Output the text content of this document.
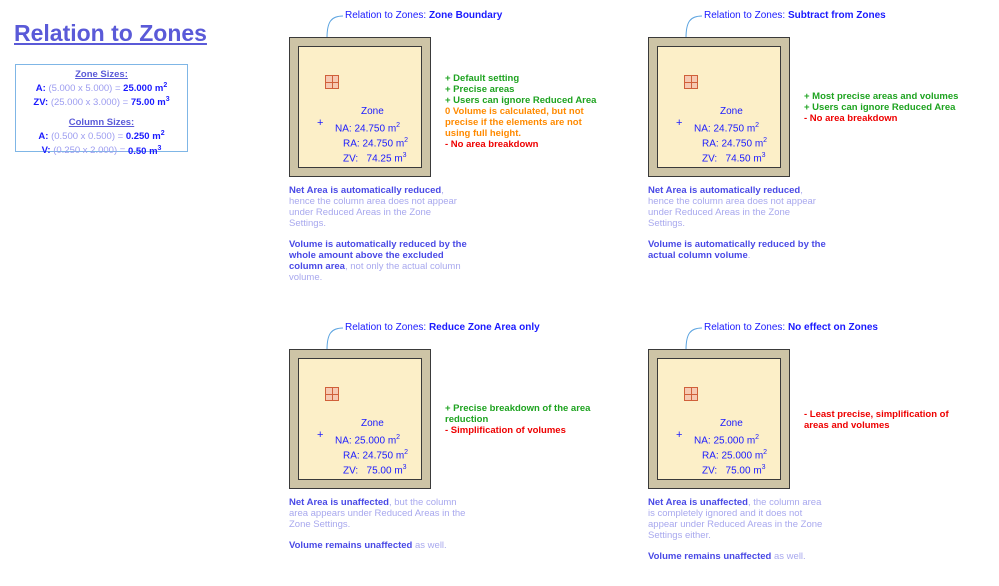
Relation to Zones
Zone Sizes:
A: (5.000 x 5.000) = 25.000 $m^2$
ZV: (25.000 x 3.000) = 75.00 $m^3$
Column Sizes:
A: (0.500 x 0.500) = 0.250 $m^2$
V: (0.250 x 2.000) = 0.50 $m^3$
Relation to Zones: Zone Boundary
+
Zone
NA: 24.750 $m^2$
RA: 24.750 $m^2$
ZV:   74.25 $m^3$
+ Default setting
+ Precise areas
+ Users can ignore Reduced Area
0 Volume is calculated, but not
precise if the elements are not
using full height.
- No area breakdown

Net Area is automatically reduced, hence the column area does not appear under Reduced Areas in the Zone Settings.

Volume is automatically reduced by the whole amount above the excluded column area, not only the actual column volume.

Relation to Zones: Subtract from Zones
+
Zone
NA: 24.750 $m^2$
RA: 24.750 $m^2$
ZV:   74.50 $m^3$
+ Most precise areas and volumes
+ Users can ignore Reduced Area
- No area breakdown

Net Area is automatically reduced, hence the column area does not appear under Reduced Areas in the Zone Settings.

Volume is automatically reduced by the actual column volume.

Relation to Zones: Reduce Zone Area only
+
Zone
NA: 25.000 $m^2$
RA: 24.750 $m^2$
ZV:   75.00 $m^3$
+ Precise breakdown of the area
reduction
- Simplification of volumes

Net Area is unaffected, but the column area appears under Reduced Areas in the Zone Settings.

Volume remains unaffected as well.

Relation to Zones: No effect on Zones
+
Zone
NA: 25.000 $m^2$
RA: 25.000 $m^2$
ZV:   75.00 $m^3$
- Least precise, simplification of
areas and volumes

Net Area is unaffected, the column area is completely ignored and it does not appear under Reduced Areas in the Zone Settings either.

Volume remains unaffected as well.
